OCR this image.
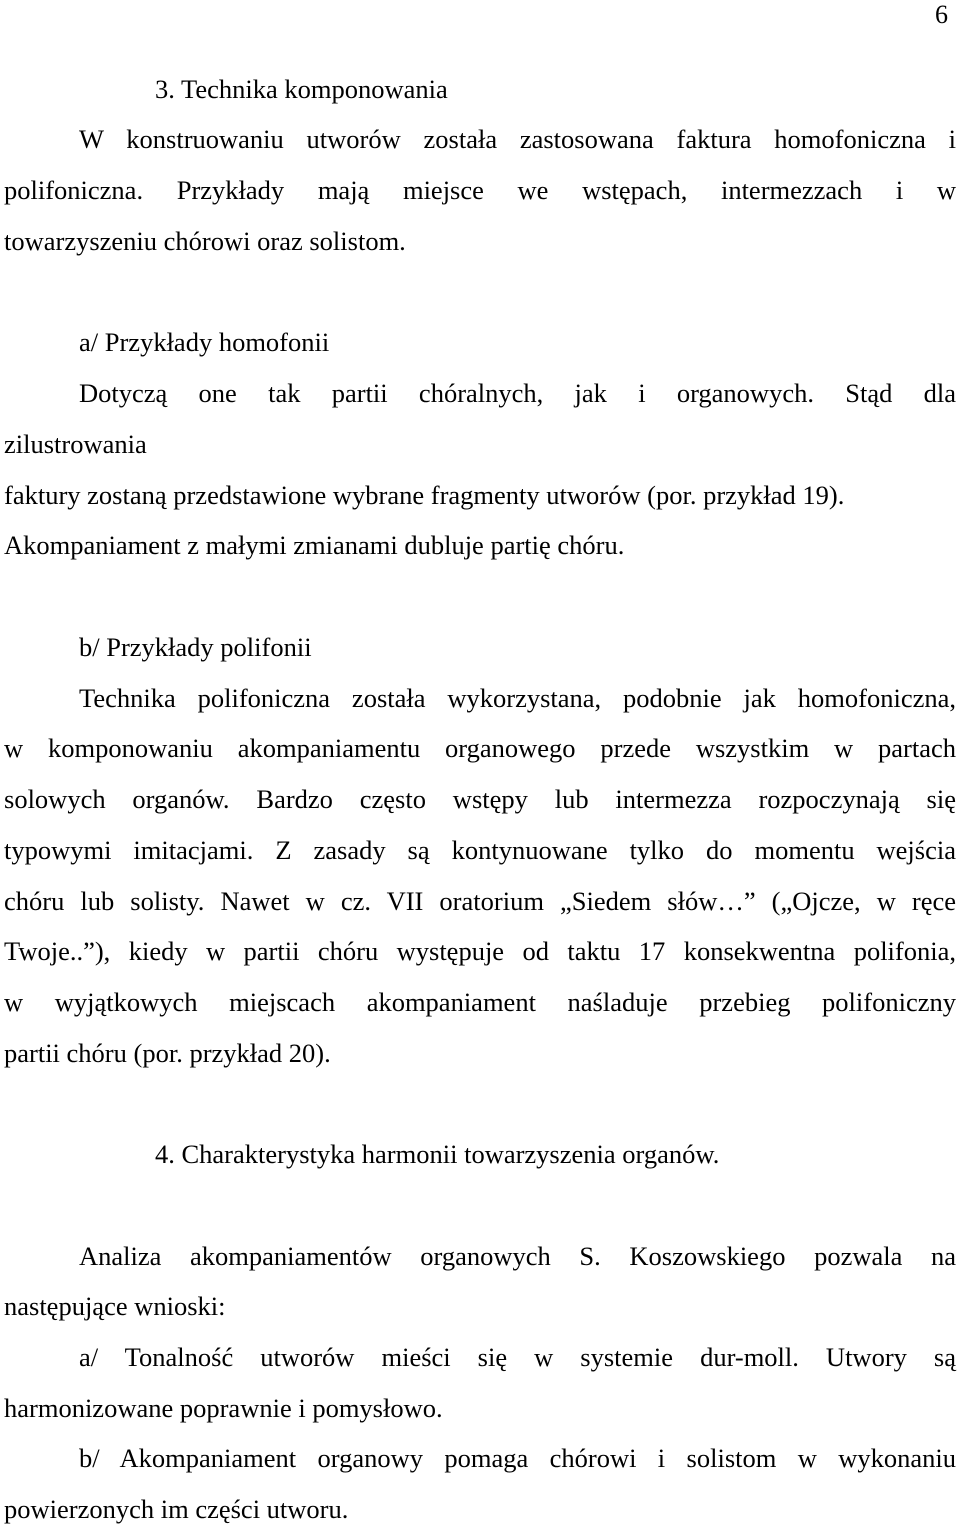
6
3. Technika komponowania
W konstruowaniu utworów została zastosowana faktura homofoniczna i
polifoniczna. Przykłady mają miejsce we wstępach, intermezzach i w
towarzyszeniu chórowi oraz solistom.
a/ Przykłady homofonii
Dotyczą one tak partii chóralnych, jak i organowych. Stąd dla
zilustrowania
faktury zostaną przedstawione wybrane fragmenty utworów (por. przykład 19).
Akompaniament z małymi zmianami dubluje partię chóru.
b/ Przykłady polifonii
Technika polifoniczna została wykorzystana, podobnie jak homofoniczna,
w komponowaniu akompaniamentu organowego przede wszystkim w partach
solowych organów. Bardzo często wstępy lub intermezza rozpoczynają się
typowymi imitacjami. Z zasady są kontynuowane tylko do momentu wejścia
chóru lub solisty. Nawet w cz. VII oratorium „Siedem słów…” („Ojcze, w ręce
Twoje..”), kiedy w partii chóru występuje od taktu 17 konsekwentna polifonia,
w wyjątkowych miejscach akompaniament naśladuje przebieg polifoniczny
partii chóru (por. przykład 20).
4. Charakterystyka harmonii towarzyszenia organów.
Analiza akompaniamentów organowych S. Koszowskiego pozwala na
następujące wnioski:
a/ Tonalność utworów mieści się w systemie dur-moll. Utwory są
harmonizowane poprawnie i pomysłowo.
b/ Akompaniament organowy pomaga chórowi i solistom w wykonaniu
powierzonych im części utworu.
